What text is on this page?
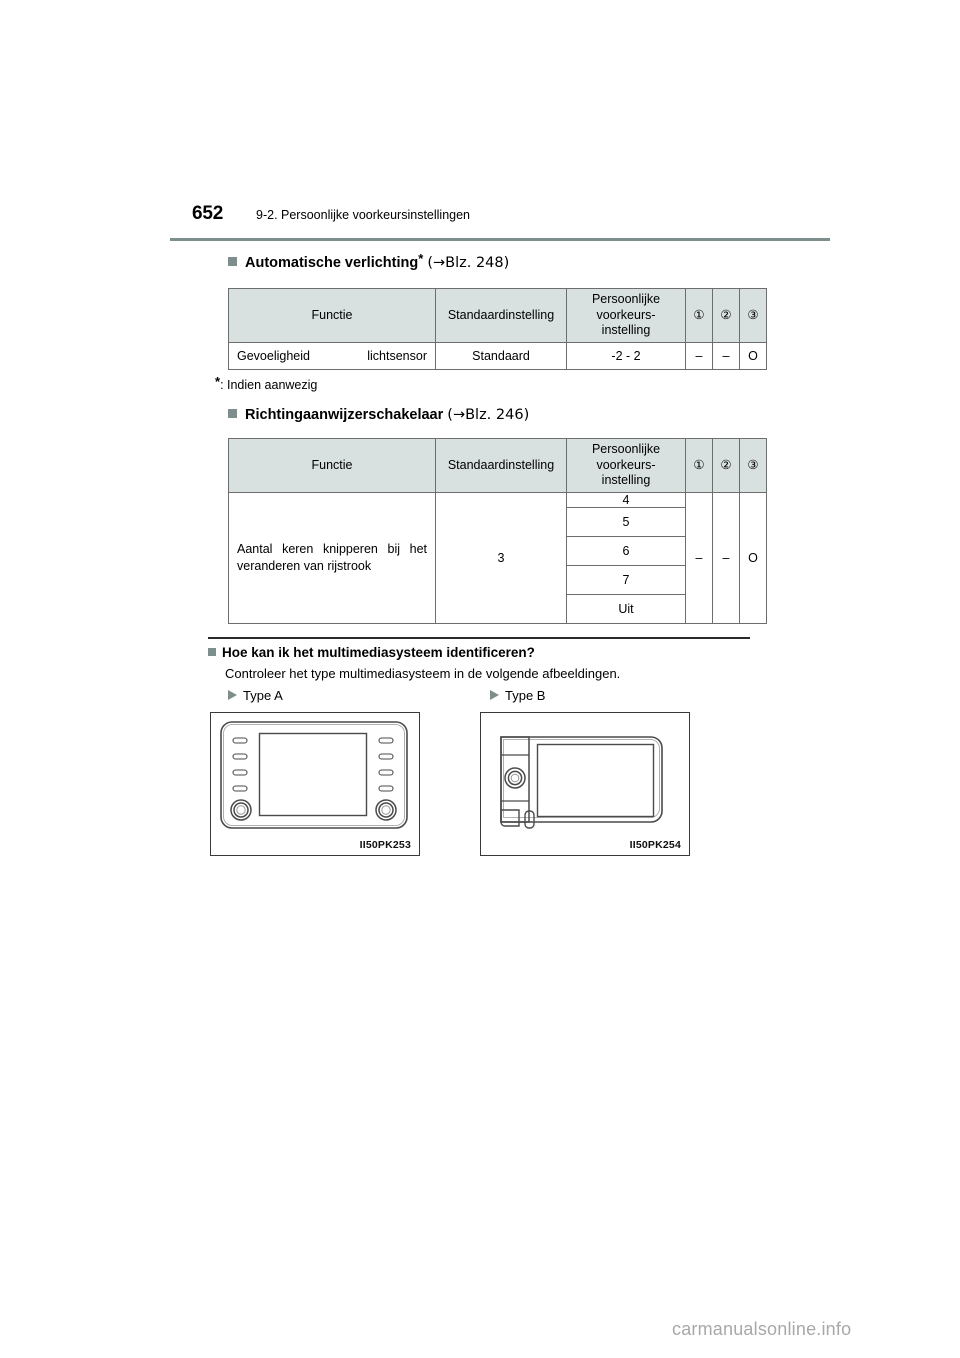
652	9-2. Persoonlijke voorkeursinstellingen
Automatische verlichting* (→Blz. 248)
Functie	Standaardinstelling	Persoonlijke
voorkeurs-
instelling	①	②	③
Gevoeligheid lichtsensor	Standaard	-2 - 2	–	–	O
*: Indien aanwezig
Richtingaanwijzerschakelaar (→Blz. 246)
Functie	Standaardinstelling	Persoonlijke
voorkeurs-
instelling	①	②	③

Aantal keren knipperen bij het veranderen van rijstrook	3	4	–	–	O
		5			
		6			
		7			
		Uit			
Hoe kan ik het multimediasysteem identificeren?
Controleer het type multimediasysteem in de volgende afbeeldingen.
Type A	Type B
II50PK253	II50PK254
carmanualsonline.info
